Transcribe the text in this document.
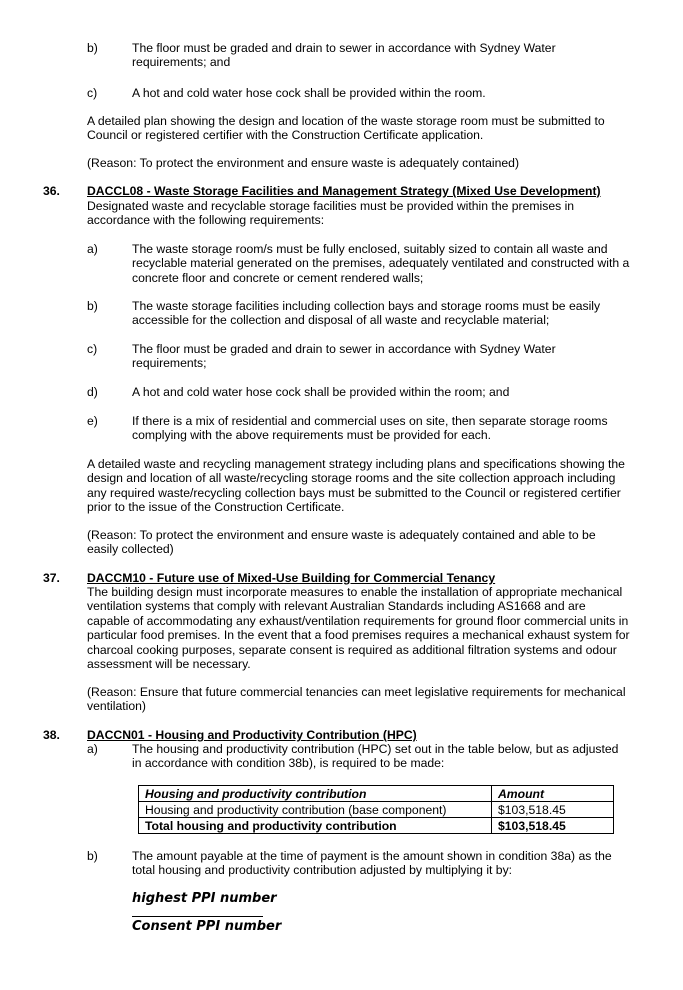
b)	The floor must be graded and drain to sewer in accordance with Sydney Water
requirements; and
c)	A hot and cold water hose cock shall be provided within the room.
A detailed plan showing the design and location of the waste storage room must be submitted to
Council or registered certifier with the Construction Certificate application.
(Reason: To protect the environment and ensure waste is adequately contained)
36. DACCL08 - Waste Storage Facilities and Management Strategy (Mixed Use Development)
Designated waste and recyclable storage facilities must be provided within the premises in
accordance with the following requirements:
a)	The waste storage room/s must be fully enclosed, suitably sized to contain all waste and
recyclable material generated on the premises, adequately ventilated and constructed with a
concrete floor and concrete or cement rendered walls;
b)	The waste storage facilities including collection bays and storage rooms must be easily
accessible for the collection and disposal of all waste and recyclable material;
c)	The floor must be graded and drain to sewer in accordance with Sydney Water
requirements;
d)	A hot and cold water hose cock shall be provided within the room; and
e)	If there is a mix of residential and commercial uses on site, then separate storage rooms
complying with the above requirements must be provided for each.
A detailed waste and recycling management strategy including plans and specifications showing the
design and location of all waste/recycling storage rooms and the site collection approach including
any required waste/recycling collection bays must be submitted to the Council or registered certifier
prior to the issue of the Construction Certificate.
(Reason: To protect the environment and ensure waste is adequately contained and able to be
easily collected)
37. DACCM10 - Future use of Mixed-Use Building for Commercial Tenancy
The building design must incorporate measures to enable the installation of appropriate mechanical
ventilation systems that comply with relevant Australian Standards including AS1668 and are
capable of accommodating any exhaust/ventilation requirements for ground floor commercial units in
particular food premises. In the event that a food premises requires a mechanical exhaust system for
charcoal cooking purposes, separate consent is required as additional filtration systems and odour
assessment will be necessary.
(Reason: Ensure that future commercial tenancies can meet legislative requirements for mechanical
ventilation)
38. DACCN01 - Housing and Productivity Contribution (HPC)
a)	The housing and productivity contribution (HPC) set out in the table below, but as adjusted
in accordance with condition 38b), is required to be made:
Housing and productivity contribution	Amount
Housing and productivity contribution (base component)	$103,518.45
Total housing and productivity contribution	$103,518.45
b)	The amount payable at the time of payment is the amount shown in condition 38a) as the
total housing and productivity contribution adjusted by multiplying it by:
highest PPI number
Consent PPI number
